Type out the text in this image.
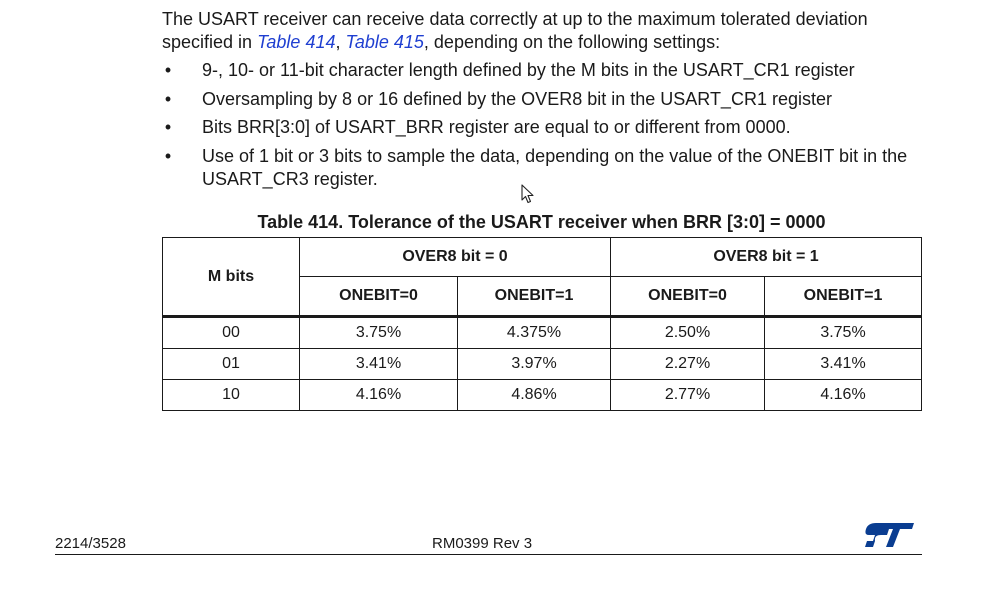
The USART receiver can receive data correctly at up to the maximum tolerated deviation
specified in Table 414, Table 415, depending on the following settings:

• 9-, 10- or 11-bit character length defined by the M bits in the USART_CR1 register
• Oversampling by 8 or 16 defined by the OVER8 bit in the USART_CR1 register
• Bits BRR[3:0] of USART_BRR register are equal to or different from 0000.
• Use of 1 bit or 3 bits to sample the data, depending on the value of the ONEBIT bit in the USART_CR3 register.

Table 414. Tolerance of the USART receiver when BRR [3:0] = 0000

M bits	OVER8 bit = 0		OVER8 bit = 1	
	ONEBIT=0	ONEBIT=1	ONEBIT=0	ONEBIT=1
00	3.75%	4.375%	2.50%	3.75%
01	3.41%	3.97%	2.27%	3.41%
10	4.16%	4.86%	2.77%	4.16%
2214/3528	RM0399 Rev 3
